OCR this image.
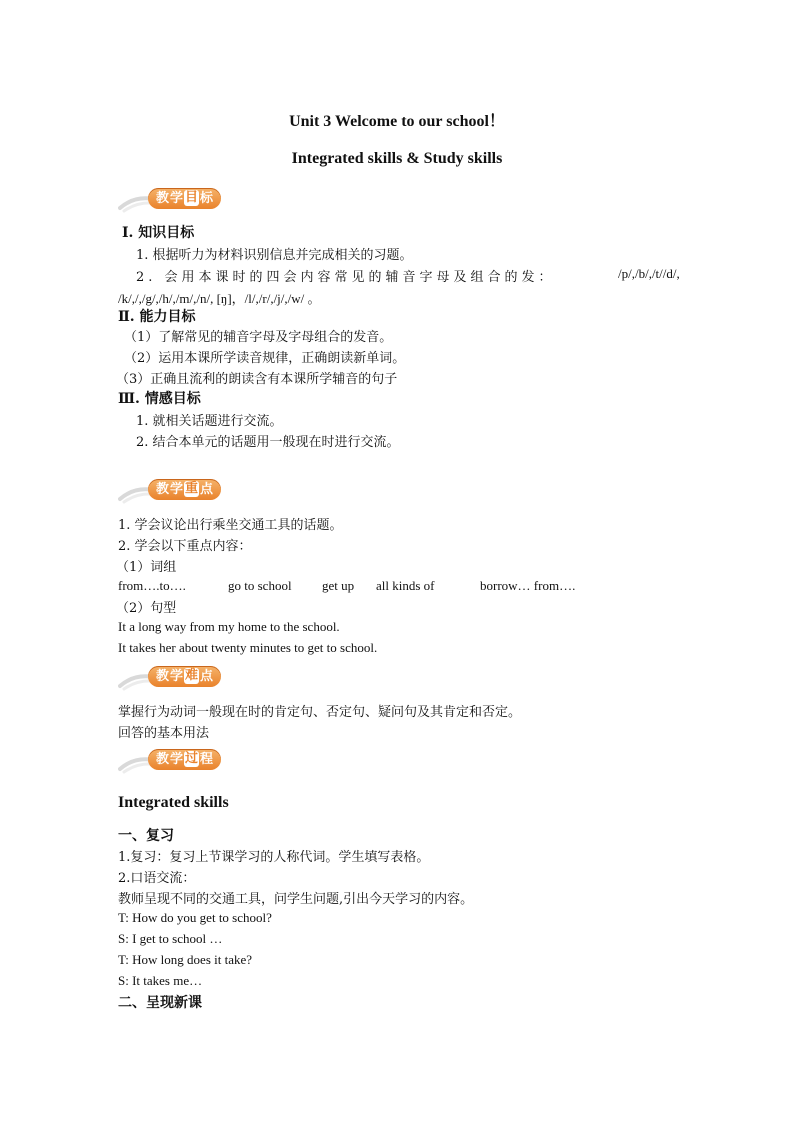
Unit 3 Welcome to our school！
Integrated skills & Study skills
教 学 目 标
Ⅰ. 知识目标
1. 根据听力为材料识别信息并完成相关的习题。
2. 会用本课时的四会内容常见的辅音字母及组合的发：	/p/,/b/,/t//d/,
/k/,/,/g/,/h/,/m/,/n/, [ŋ]，/l/,/r/,/j/,/w/ 。
Ⅱ. 能力目标
（1）了解常见的辅音字母及字母组合的发音。
（2）运用本课所学读音规律，正确朗读新单词。
（3）正确且流利的朗读含有本课所学辅音的句子
Ⅲ. 情感目标
1. 就相关话题进行交流。
2. 结合本单元的话题用一般现在时进行交流。
教 学 重 点
1. 学会议论出行乘坐交通工具的话题。
2. 学会以下重点内容：
（1）词组
from….to….	go to school get up all kinds of	borrow… from….
（2）句型
It a long way from my home to the school.
It takes her about twenty minutes to get to school.
教 学 难 点
掌握行为动词一般现在时的肯定句、否定句、疑问句及其肯定和否定。
回答的基本用法
教 学 过 程
Integrated skills
一、复习
1.复习：复习上节课学习的人称代词。学生填写表格。
2.口语交流：
教师呈现不同的交通工具，问学生问题,引出今天学习的内容。
T: How do you get to school?
S: I get to school …
T: How long does it take?
S: It takes me…
二、呈现新课
